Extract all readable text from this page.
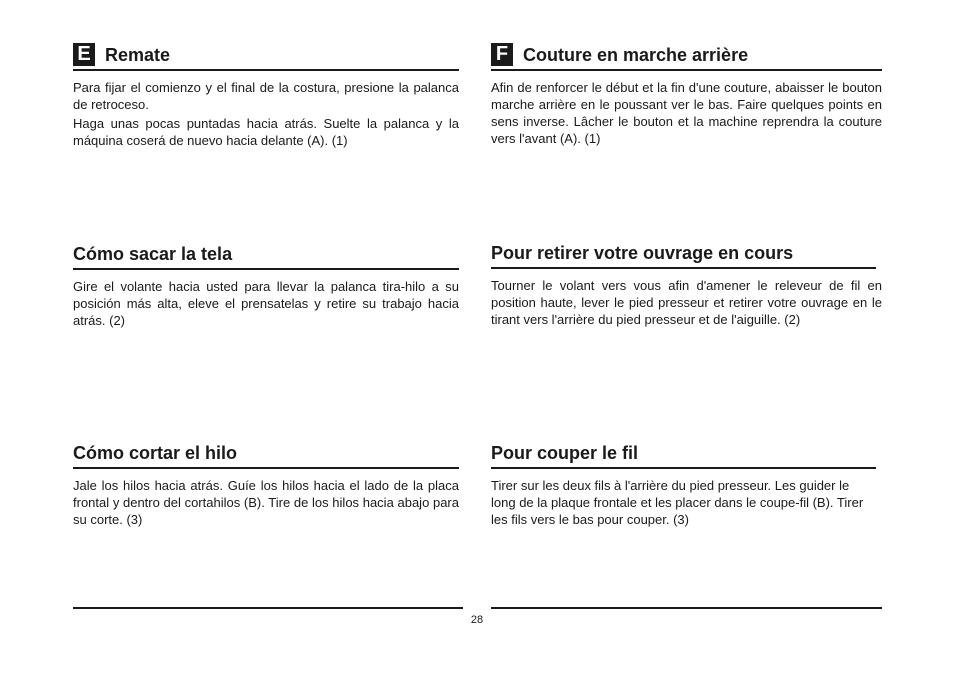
E Remate

Para fijar el comienzo y el final de la costura, presione la palanca de retroceso.

Haga unas pocas puntadas hacia atrás. Suelte la palanca y la máquina coserá de nuevo hacia delante (A). (1)

Cómo sacar la tela

Gire el volante hacia usted para llevar la palanca tira-hilo a su posición más alta, eleve el prensatelas y retire su trabajo hacia atrás. (2)

Cómo cortar el hilo

Jale los hilos hacia atrás. Guíe los hilos hacia el lado de la placa frontal y dentro del cortahilos (B). Tire de los hilos hacia abajo para su corte. (3)

F Couture en marche arrière

Afin de renforcer le début et la fin d'une couture, abaisser le bouton marche arrière en le poussant ver le bas. Faire quelques points en sens inverse. Lâcher le bouton et la machine reprendra la couture vers l'avant (A). (1)

Pour retirer votre ouvrage en cours

Tourner le volant vers vous afin d'amener le releveur de fil en position haute, lever le pied presseur et retirer votre ouvrage en le tirant vers l'arrière du pied presseur et de l'aiguille. (2)

Pour couper le fil

Tirer sur les deux fils à l'arrière du pied presseur. Les guider le long de la plaque frontale et les placer dans le coupe-fil (B). Tirer les fils vers le bas pour couper. (3)

28
